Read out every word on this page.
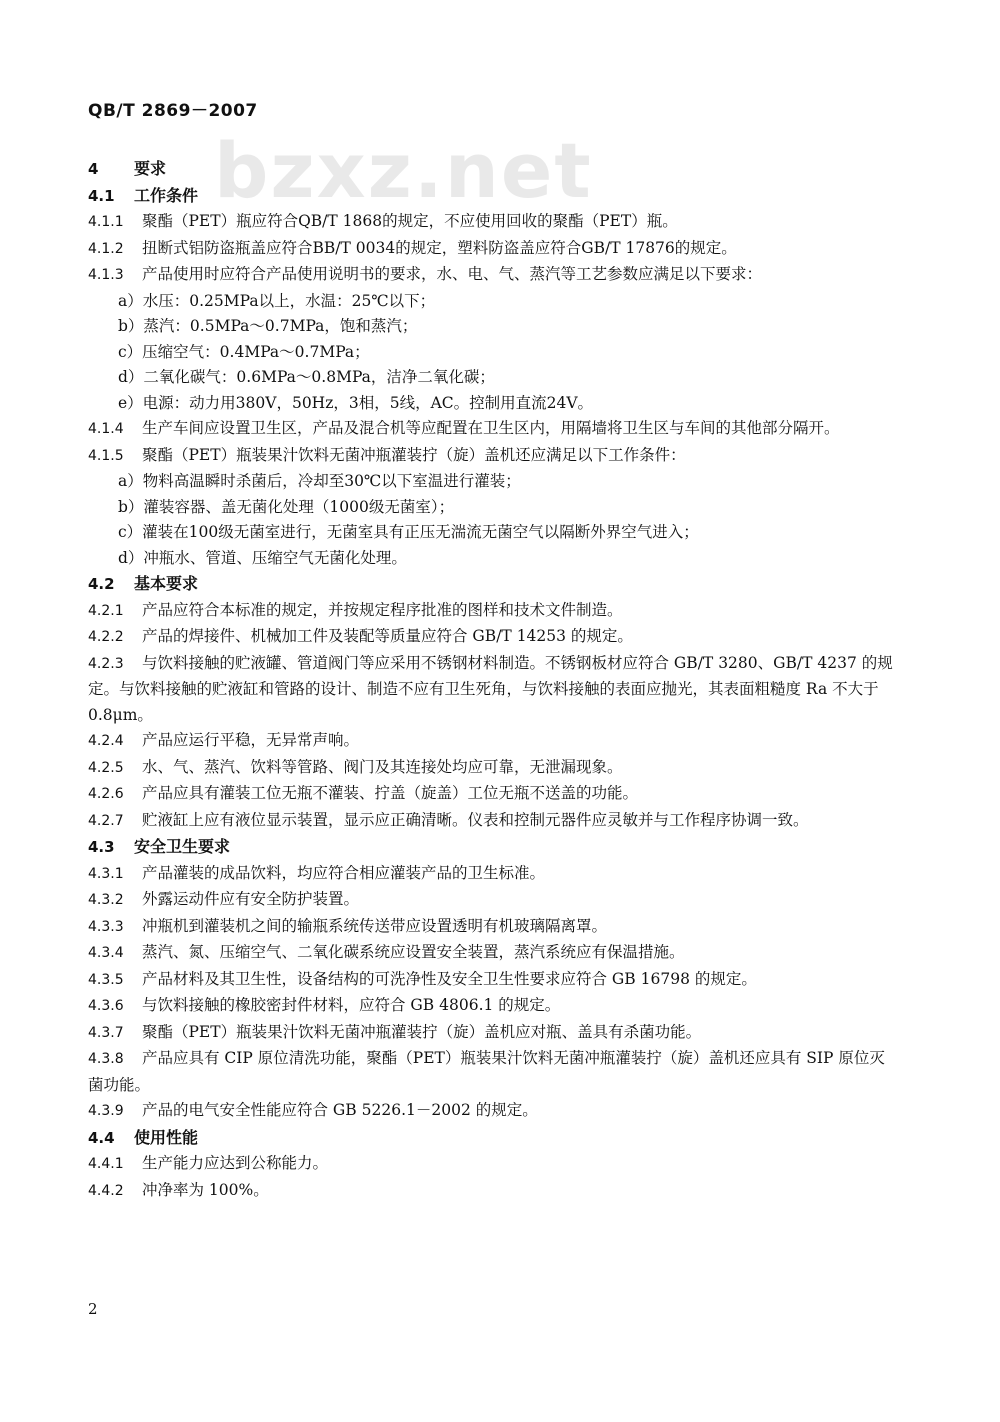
bzxz.net
QB/T 2869－2007
4 要求
4.1 工作条件
4.1.1 聚酯（PET）瓶应符合QB/T 1868的规定，不应使用回收的聚酯（PET）瓶。
4.1.2 扭断式铝防盗瓶盖应符合BB/T 0034的规定，塑料防盗盖应符合GB/T 17876的规定。
4.1.3 产品使用时应符合产品使用说明书的要求，水、电、气、蒸汽等工艺参数应满足以下要求：
a）水压：0.25MPa以上，水温：25℃以下；
b）蒸汽：0.5MPa～0.7MPa，饱和蒸汽；
c）压缩空气：0.4MPa～0.7MPa；
d）二氧化碳气：0.6MPa～0.8MPa，洁净二氧化碳；
e）电源：动力用380V，50Hz，3相，5线，AC。控制用直流24V。
4.1.4 生产车间应设置卫生区，产品及混合机等应配置在卫生区内，用隔墙将卫生区与车间的其他部分隔开。
4.1.5 聚酯（PET）瓶装果汁饮料无菌冲瓶灌装拧（旋）盖机还应满足以下工作条件：
a）物料高温瞬时杀菌后，冷却至30℃以下室温进行灌装；
b）灌装容器、盖无菌化处理（1000级无菌室）；
c）灌装在100级无菌室进行，无菌室具有正压无湍流无菌空气以隔断外界空气进入；
d）冲瓶水、管道、压缩空气无菌化处理。
4.2 基本要求
4.2.1 产品应符合本标准的规定，并按规定程序批准的图样和技术文件制造。
4.2.2 产品的焊接件、机械加工件及装配等质量应符合 GB/T 14253 的规定。
4.2.3 与饮料接触的贮液罐、管道阀门等应采用不锈钢材料制造。不锈钢板材应符合 GB/T 3280、GB/T 4237 的规定。与饮料接触的贮液缸和管路的设计、制造不应有卫生死角，与饮料接触的表面应抛光，其表面粗糙度 Ra 不大于 0.8μm。
4.2.4 产品应运行平稳，无异常声响。
4.2.5 水、气、蒸汽、饮料等管路、阀门及其连接处均应可靠，无泄漏现象。
4.2.6 产品应具有灌装工位无瓶不灌装、拧盖（旋盖）工位无瓶不送盖的功能。
4.2.7 贮液缸上应有液位显示装置，显示应正确清晰。仪表和控制元器件应灵敏并与工作程序协调一致。
4.3 安全卫生要求
4.3.1 产品灌装的成品饮料，均应符合相应灌装产品的卫生标准。
4.3.2 外露运动件应有安全防护装置。
4.3.3 冲瓶机到灌装机之间的输瓶系统传送带应设置透明有机玻璃隔离罩。
4.3.4 蒸汽、氮、压缩空气、二氧化碳系统应设置安全装置，蒸汽系统应有保温措施。
4.3.5 产品材料及其卫生性，设备结构的可洗净性及安全卫生性要求应符合 GB 16798 的规定。
4.3.6 与饮料接触的橡胶密封件材料，应符合 GB 4806.1 的规定。
4.3.7 聚酯（PET）瓶装果汁饮料无菌冲瓶灌装拧（旋）盖机应对瓶、盖具有杀菌功能。
4.3.8 产品应具有 CIP 原位清洗功能，聚酯（PET）瓶装果汁饮料无菌冲瓶灌装拧（旋）盖机还应具有 SIP 原位灭菌功能。
4.3.9 产品的电气安全性能应符合 GB 5226.1－2002 的规定。
4.4 使用性能
4.4.1 生产能力应达到公称能力。
4.4.2 冲净率为 100%。
2
